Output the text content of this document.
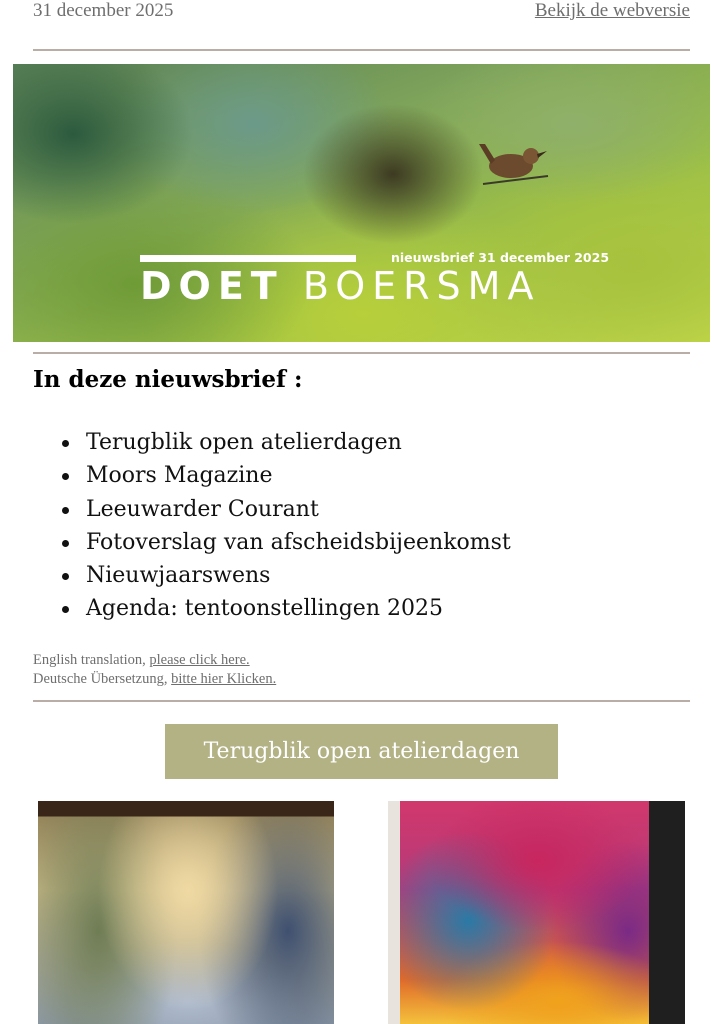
31 december 2025	Bekijk de webversie
nieuwsbrief 31 december 2025
DOET BOERSMA
In deze nieuwsbrief :
Terugblik open atelierdagen
Moors Magazine
Leeuwarder Courant
Fotoverslag van afscheidsbijeenkomst
Nieuwjaarswens
Agenda: tentoonstellingen 2025
English translation, please click here.
Deutsche Übersetzung, bitte hier Klicken.
Terugblik open atelierdagen
